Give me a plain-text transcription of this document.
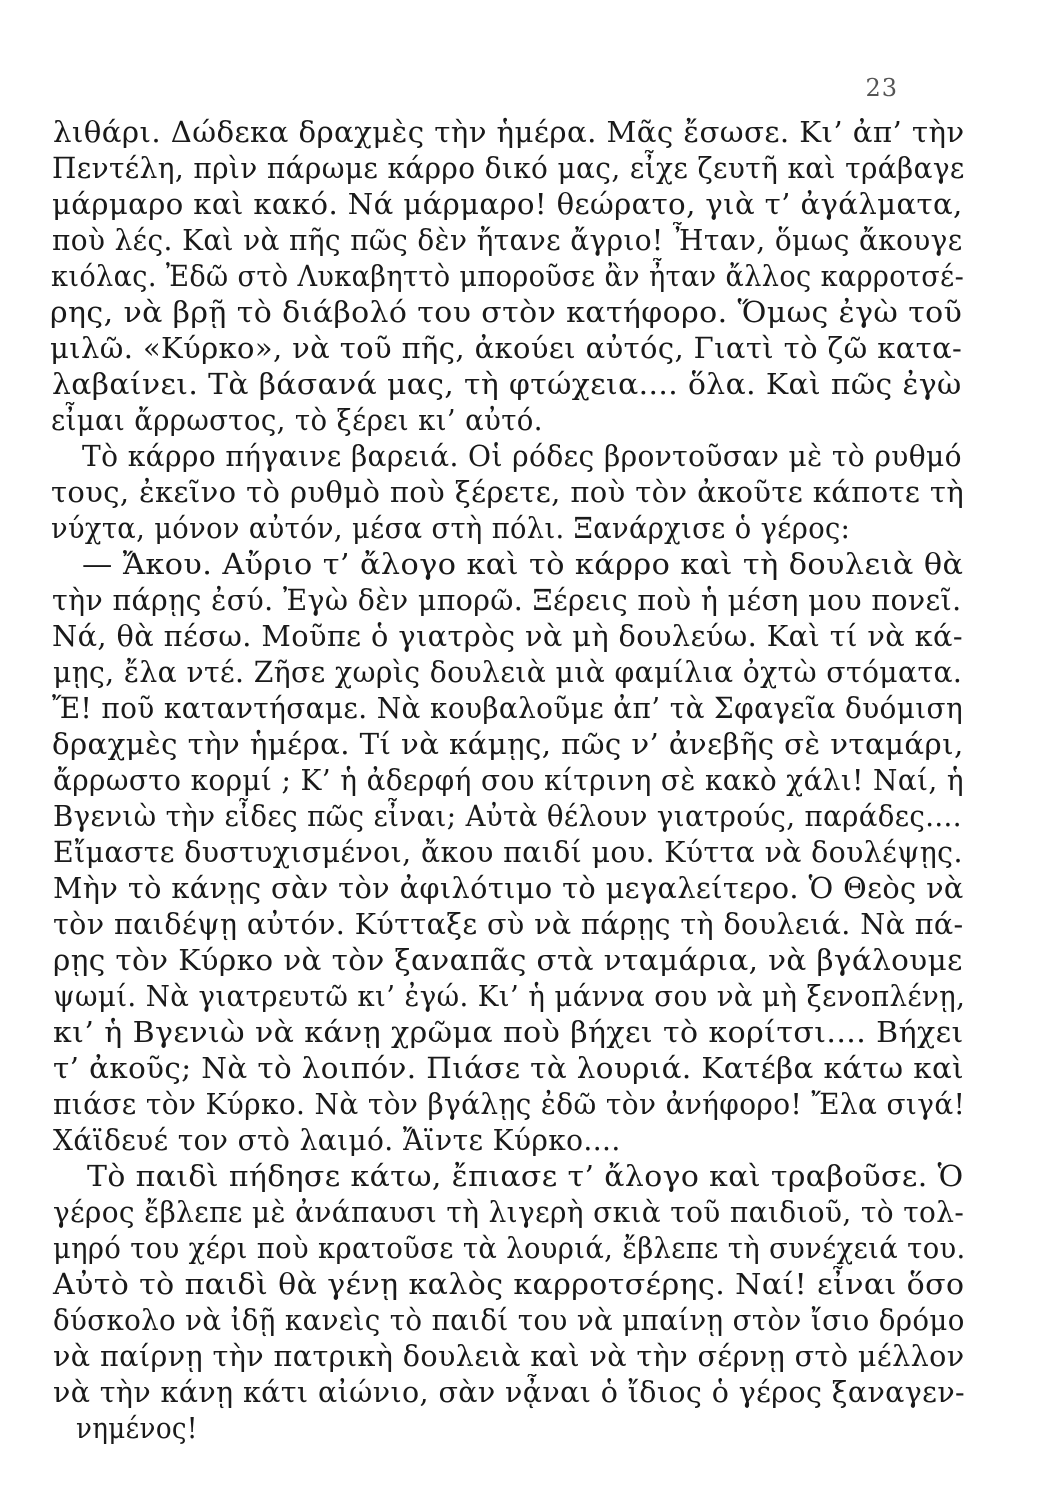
23
λιθάρι. Δώδεκα δραχμὲς τὴν ἡμέρα. Μᾶς ἔσωσε. Κι’ ἀπ’ τὴν
Πεντέλη, πρὶν πάρωμε κάρρο δικό μας, εἶχε ζευτῆ καὶ τράβαγε
μάρμαρο καὶ κακό. Νά μάρμαρο! θεώρατο, γιὰ τ’ ἀγάλματα,
ποὺ λές. Καὶ νὰ πῆς πῶς δὲν ἤτανε ἄγριο! Ἦταν, ὅμως ἄκουγε
κιόλας. Ἐδῶ στὸ Λυκαβηττὸ μποροῦσε ἂν ἦταν ἄλλος καρροτσέ-
ρης, νὰ βρῇ τὸ διάβολό του στὸν κατήφορο. Ὅμως ἐγὼ τοῦ
μιλῶ. «Κύρκο», νὰ τοῦ πῆς, ἀκούει αὐτός, Γιατὶ τὸ ζῶ κατα-
λαβαίνει. Τὰ βάσανά μας, τὴ φτώχεια.... ὅλα. Καὶ πῶς ἐγὼ
εἶμαι ἄρρωστος, τὸ ξέρει κι’ αὐτό.
Τὸ κάρρο πήγαινε βαρειά. Οἱ ρόδες βροντοῦσαν μὲ τὸ ρυθμό
τους, ἐκεῖνο τὸ ρυθμὸ ποὺ ξέρετε, ποὺ τὸν ἀκοῦτε κάποτε τὴ
νύχτα, μόνον αὐτόν, μέσα στὴ πόλι. Ξανάρχισε ὁ γέρος:
— Ἄκου. Αὔριο τ’ ἄλογο καὶ τὸ κάρρο καὶ τὴ δουλειὰ θὰ
τὴν πάρῃς ἐσύ. Ἐγὼ δὲν μπορῶ. Ξέρεις ποὺ ἡ μέση μου πονεῖ.
Νά, θὰ πέσω. Μοῦπε ὁ γιατρὸς νὰ μὴ δουλεύω. Καὶ τί νὰ κά-
μῃς, ἔλα ντέ. Ζῆσε χωρὶς δουλειὰ μιὰ φαμίλια ὀχτὼ στόματα.
Ἔ! ποῦ καταντήσαμε. Νὰ κουβαλοῦμε ἀπ’ τὰ Σφαγεῖα δυόμιση
δραχμὲς τὴν ἡμέρα. Τί νὰ κάμῃς, πῶς ν’ ἀνεβῆς σὲ νταμάρι,
ἄρρωστο κορμί ; Κ’ ἡ ἀδερφή σου κίτρινη σὲ κακὸ χάλι! Ναί, ἡ
Βγενιὼ τὴν εἶδες πῶς εἶναι; Αὐτὰ θέλουν γιατρούς, παράδες....
Εἴμαστε δυστυχισμένοι, ἄκου παιδί μου. Κύττα νὰ δουλέψῃς.
Μὴν τὸ κάνῃς σὰν τὸν ἀφιλότιμο τὸ μεγαλείτερο. Ὁ Θεὸς νὰ
τὸν παιδέψῃ αὐτόν. Κύτταξε σὺ νὰ πάρῃς τὴ δουλειά. Νὰ πά-
ρῃς τὸν Κύρκο νὰ τὸν ξαναπᾶς στὰ νταμάρια, νὰ βγάλουμε
ψωμί. Νὰ γιατρευτῶ κι’ ἐγώ. Κι’ ἡ μάννα σου νὰ μὴ ξενοπλένῃ,
κι’ ἡ Βγενιὼ νὰ κάνῃ χρῶμα ποὺ βήχει τὸ κορίτσι.... Βήχει
τ’ ἀκοῦς; Νὰ τὸ λοιπόν. Πιάσε τὰ λουριά. Κατέβα κάτω καὶ
πιάσε τὸν Κύρκο. Νὰ τὸν βγάλῃς ἐδῶ τὸν ἀνήφορο! Ἔλα σιγά!
Χάϊδευέ τον στὸ λαιμό. Ἄϊντε Κύρκο....
Τὸ παιδὶ πήδησε κάτω, ἔπιασε τ’ ἄλογο καὶ τραβοῦσε. Ὁ
γέρος ἔβλεπε μὲ ἀνάπαυσι τὴ λιγερὴ σκιὰ τοῦ παιδιοῦ, τὸ τολ-
μηρό του χέρι ποὺ κρατοῦσε τὰ λουριά, ἔβλεπε τὴ συνέχειά του.
Αὐτὸ τὸ παιδὶ θὰ γένῃ καλὸς καρροτσέρης. Ναί! εἶναι ὅσο
δύσκολο νὰ ἰδῇ κανεὶς τὸ παιδί του νὰ μπαίνῃ στὸν ἴσιο δρόμο
νὰ παίρνῃ τὴν πατρικὴ δουλειὰ καὶ νὰ τὴν σέρνῃ στὸ μέλλον
νὰ τὴν κάνῃ κάτι αἰώνιο, σὰν νᾆναι ὁ ἴδιος ὁ γέρος ξαναγεν-
νημένος!
